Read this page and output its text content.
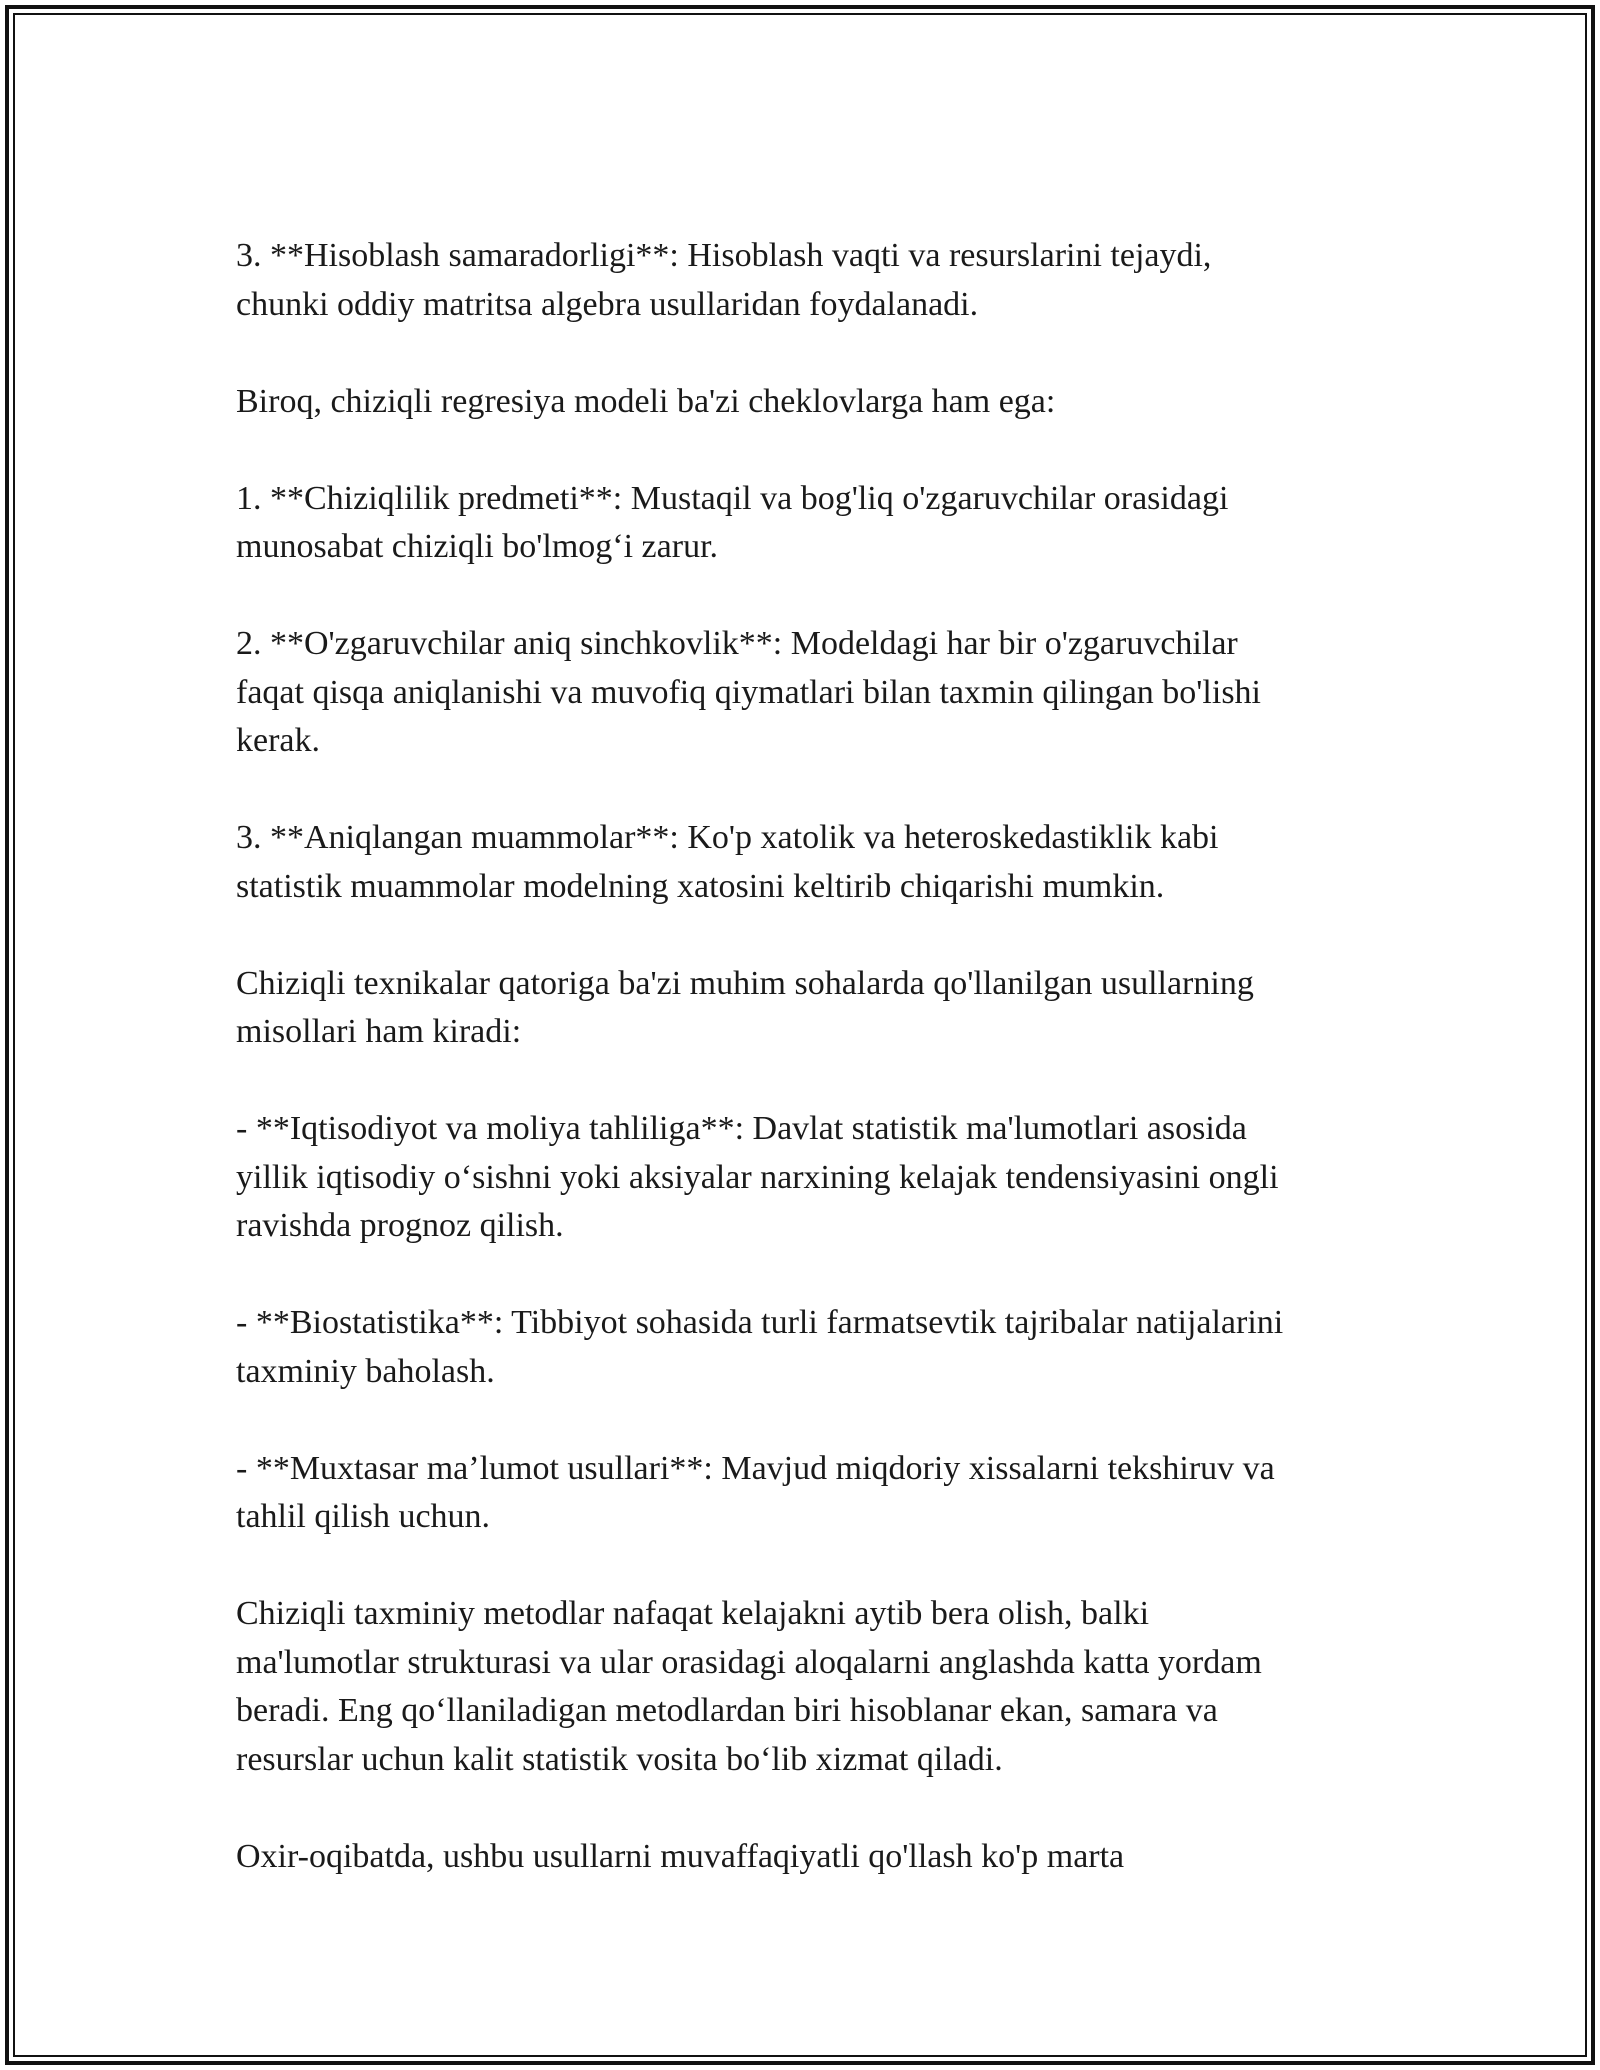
3. **Hisoblash samaradorligi**: Hisoblash vaqti va resurslarini tejaydi,
chunki oddiy matritsa algebra usullaridan foydalanadi.

Biroq, chiziqli regresiya modeli ba'zi cheklovlarga ham ega:

1. **Chiziqlilik predmeti**: Mustaqil va bog'liq o'zgaruvchilar orasidagi
munosabat chiziqli bo'lmog‘i zarur.

2. **O'zgaruvchilar aniq sinchkovlik**: Modeldagi har bir o'zgaruvchilar
faqat qisqa aniqlanishi va muvofiq qiymatlari bilan taxmin qilingan bo'lishi
kerak.

3. **Aniqlangan muammolar**: Ko'p xatolik va heteroskedastiklik kabi
statistik muammolar modelning xatosini keltirib chiqarishi mumkin.

Chiziqli texnikalar qatoriga ba'zi muhim sohalarda qo'llanilgan usullarning
misollari ham kiradi:

- **Iqtisodiyot va moliya tahliliga**: Davlat statistik ma'lumotlari asosida
yillik iqtisodiy o‘sishni yoki aksiyalar narxining kelajak tendensiyasini ongli
ravishda prognoz qilish.

- **Biostatistika**: Tibbiyot sohasida turli farmatsevtik tajribalar natijalarini
taxminiy baholash.

- **Muxtasar ma’lumot usullari**: Mavjud miqdoriy xissalarni tekshiruv va
tahlil qilish uchun.

Chiziqli taxminiy metodlar nafaqat kelajakni aytib bera olish, balki
ma'lumotlar strukturasi va ular orasidagi aloqalarni anglashda katta yordam
beradi. Eng qo‘llaniladigan metodlardan biri hisoblanar ekan, samara va
resurslar uchun kalit statistik vosita bo‘lib xizmat qiladi.

Oxir-oqibatda, ushbu usullarni muvaffaqiyatli qo'llash ko'p marta
